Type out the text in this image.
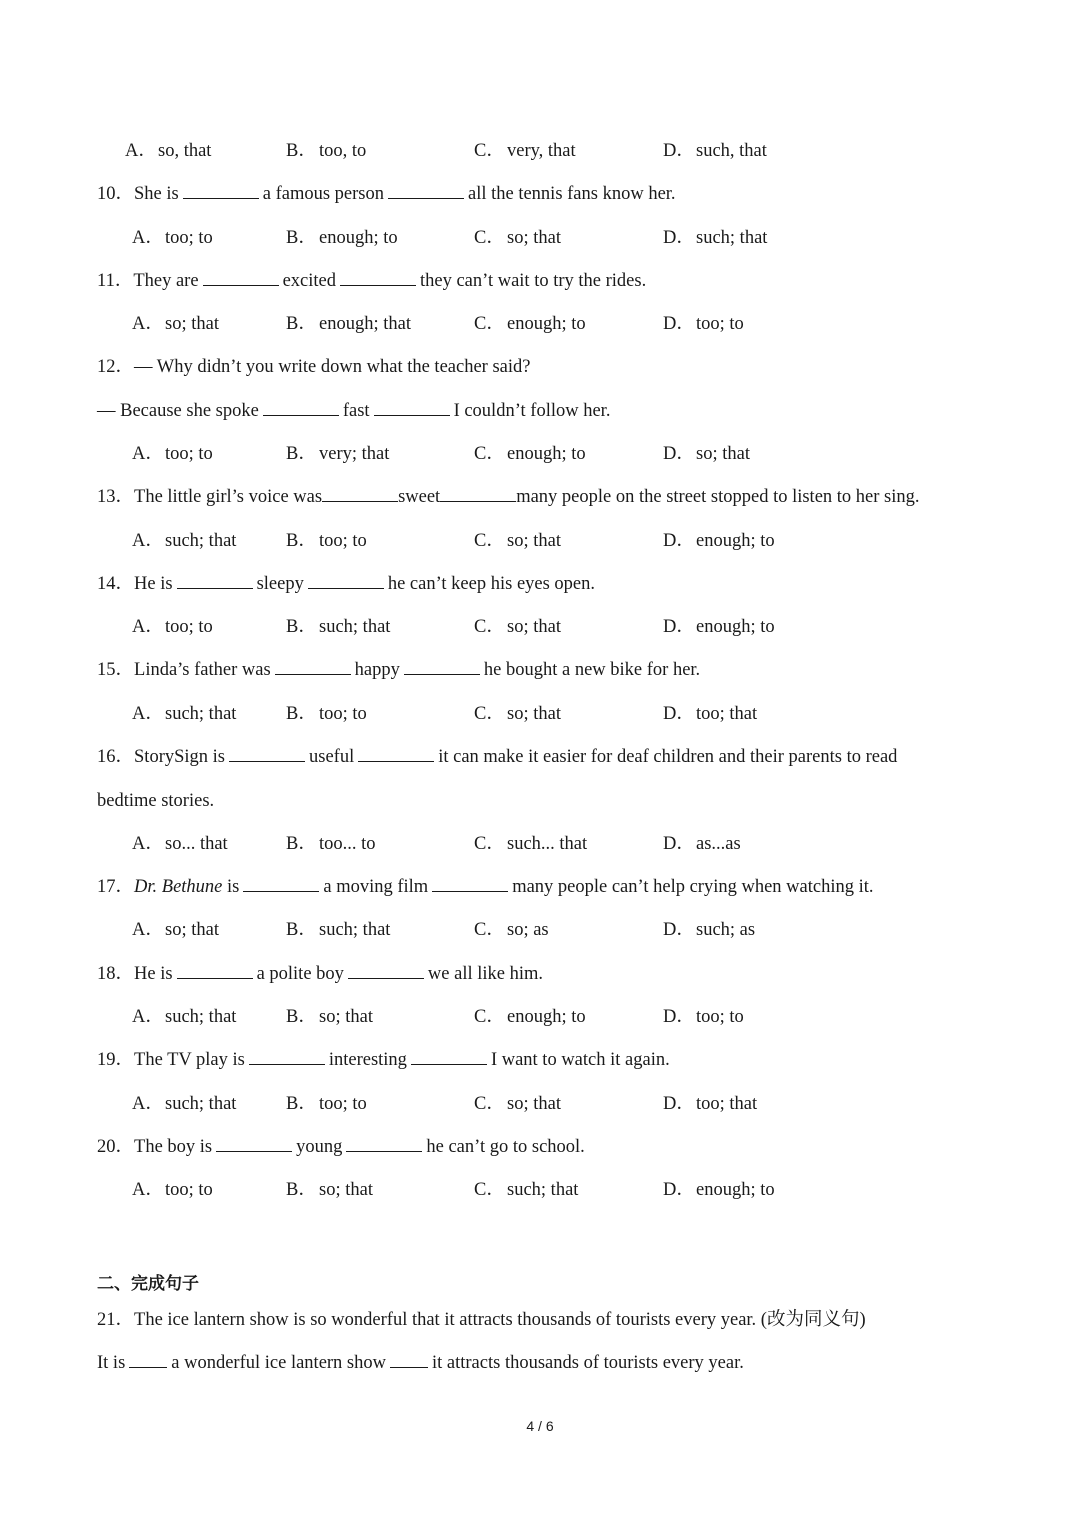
A．so, that	B． too, to	C． very, that	D．such, that
10．She is	a famous person	all the tennis fans know her.
A．too; to	B． enough; to	C． so; that	D．such; that
11．They are	excited	they can’t wait to try the rides.
A．so; that	B． enough; that	C． enough; to	D．too; to
12．— Why didn’t you write down what the teacher said?
— Because she spoke	fast	I couldn’t follow her.
A．too; to	B． very; that	C． enough; to	D．so; that
13．The little girl’s voice was	sweet	many people on the street stopped to listen to her sing.
A．such; that	B． too; to	C． so; that	D．enough; to
14．He is	sleepy	he can’t keep his eyes open.
A．too; to	B． such; that	C． so; that	D．enough; to
15．Linda’s father was	happy	he bought a new bike for her.
A．such; that	B． too; to	C． so; that	D．too; that
16．StorySign is	useful	it can make it easier for deaf children and their parents to read
bedtime stories.
A．so... that	B． too... to	C． such... that	D．as...as
17．Dr. Bethune is	a moving film	many people can’t help crying when watching it.
A．so; that	B． such; that	C． so; as	D．such; as
18．He is	a polite boy	we all like him.
A．such; that	B． so; that	C． enough; to	D．too; to
19．The TV play is	interesting	I want to watch it again.
A．such; that	B． too; to	C． so; that	D．too; that
20．The boy is	young	he can’t go to school.
A．too; to	B． so; that	C． such; that	D．enough; to
二、完成句子
21．The ice lantern show is so wonderful that it attracts thousands of tourists every year. (改为同义句)
It is a wonderful ice lantern show it attracts thousands of tourists every year.
4 / 6
